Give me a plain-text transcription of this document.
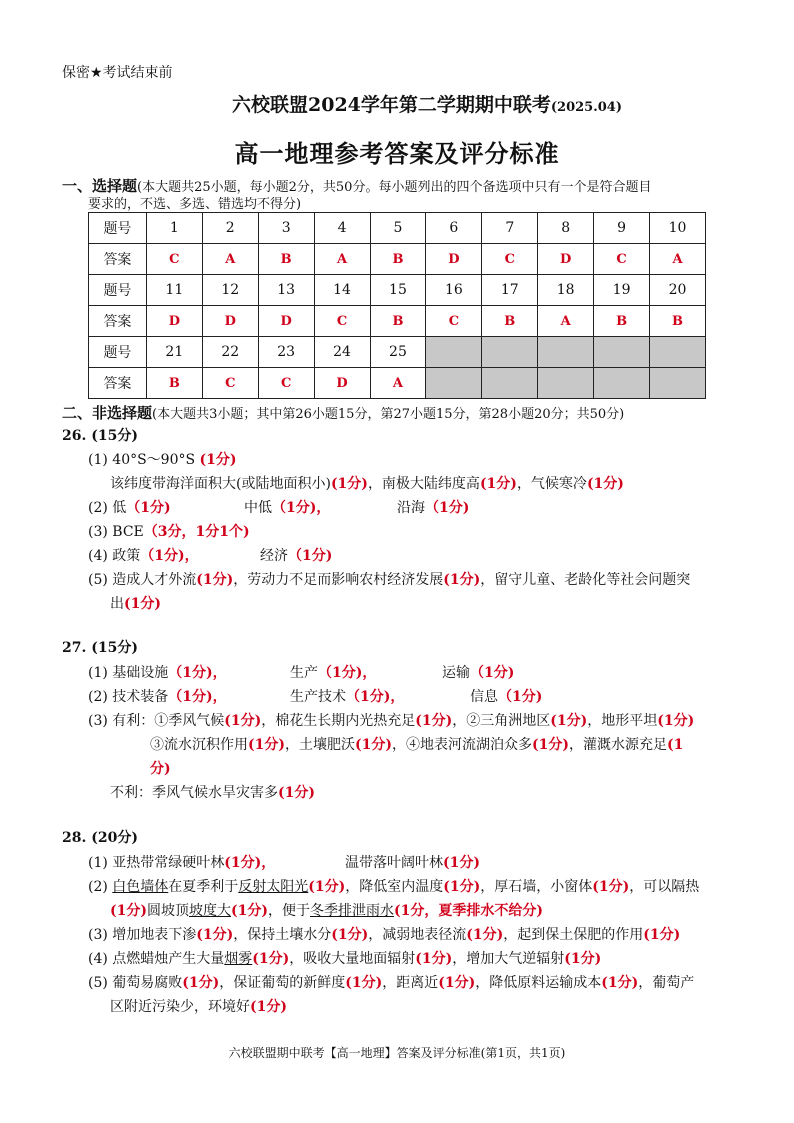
保密★考试结束前
六校联盟2024学年第二学期期中联考(2025.04)
高一地理参考答案及评分标准
一、选择题(本大题共25小题，每小题2分，共50分。每小题列出的四个备选项中只有一个是符合题目
要求的，不选、多选、错选均不得分)
题号	1	2	3	4	5	6	7	8	9	10
答案	C	A	B	A	B	D	C	D	C	A
题号	11	12	13	14	15	16	17	18	19	20
答案	D	D	D	C	B	C	B	A	B	B
题号	21	22	23	24	25					
答案	B	C	C	D	A					
二、非选择题(本大题共3小题；其中第26小题15分，第27小题15分，第28小题20分；共50分)
26. (15分)
(1) 40°S～90°S (1分)
该纬度带海洋面积大(或陆地面积小)(1分)，南极大陆纬度高(1分)，气候寒冷(1分)
(2) 低（1分)	中低（1分)，	沿海（1分)
(3) BCE（3分，1分1个)
(4) 政策（1分)，	经济（1分)
(5) 造成人才外流(1分)，劳动力不足而影响农村经济发展(1分)，留守儿童、老龄化等社会问题突
出(1分)
27. (15分)
(1) 基础设施（1分)，	生产（1分)，	运输（1分)
(2) 技术装备（1分)，	生产技术（1分)，	信息（1分)
(3) 有利：①季风气候(1分)，棉花生长期内光热充足(1分)，②三角洲地区(1分)，地形平坦(1分)
③流水沉积作用(1分)，土壤肥沃(1分)，④地表河流湖泊众多(1分)，灌溉水源充足(1
分)
不利：季风气候水旱灾害多(1分)
28. (20分)
(1) 亚热带常绿硬叶林(1分)，	温带落叶阔叶林(1分)
(2) 白色墙体在夏季利于反射太阳光(1分)，降低室内温度(1分)，厚石墙，小窗体(1分)，可以隔热
(1分)圆坡顶坡度大(1分)，便于冬季排泄雨水(1分，夏季排水不给分)
(3) 增加地表下渗(1分)，保持土壤水分(1分)，减弱地表径流(1分)，起到保土保肥的作用(1分)
(4) 点燃蜡烛产生大量烟雾(1分)，吸收大量地面辐射(1分)，增加大气逆辐射(1分)
(5) 葡萄易腐败(1分)，保证葡萄的新鲜度(1分)，距离近(1分)，降低原料运输成本(1分)，葡萄产
区附近污染少，环境好(1分)
六校联盟期中联考【高一地理】答案及评分标准(第1页，共1页)
